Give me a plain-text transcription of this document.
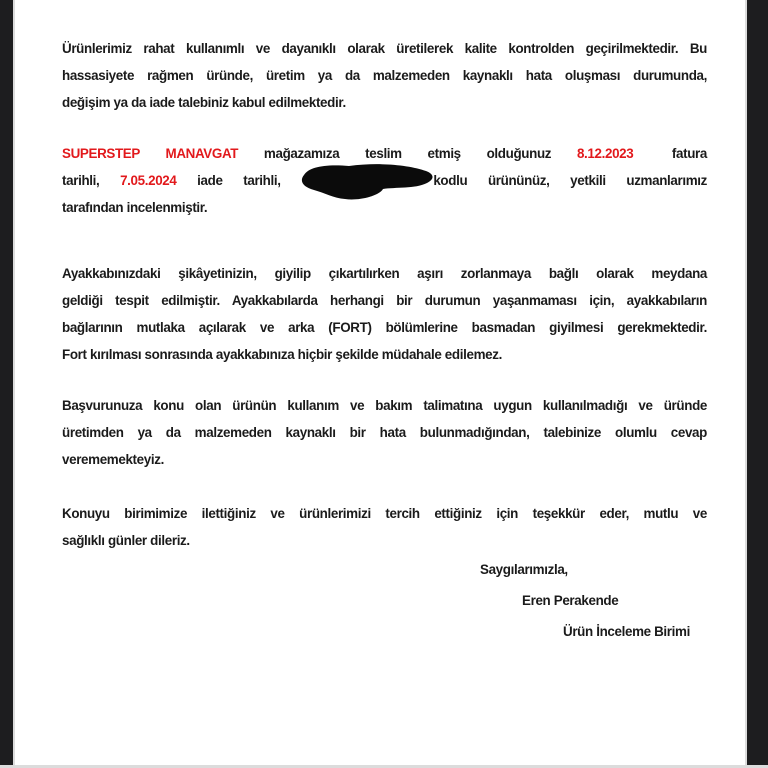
Ürünlerimiz rahat kullanımlı ve dayanıklı olarak üretilerek kalite kontrolden geçirilmektedir. Bu
hassasiyete rağmen üründe, üretim ya da malzemeden kaynaklı hata oluşması durumunda,
değişim ya da iade talebiniz kabul edilmektedir.
SUPERSTEP MANAVGAT mağazamıza teslim etmiş olduğunuz 8.12.2023   fatura
tarihli, 7.05.2024 iade tarihli,	kodlu ürününüz, yetkili uzmanlarımız
tarafından incelenmiştir.
Ayakkabınızdaki şikâyetinizin, giyilip çıkartılırken aşırı zorlanmaya bağlı olarak meydana
geldiği tespit edilmiştir. Ayakkabılarda herhangi bir durumun yaşanmaması için, ayakkabıların
bağlarının mutlaka açılarak ve arka (FORT) bölümlerine basmadan giyilmesi gerekmektedir.
Fort kırılması sonrasında ayakkabınıza hiçbir şekilde müdahale edilemez.
Başvurunuza konu olan ürünün kullanım ve bakım talimatına uygun kullanılmadığı ve üründe
üretimden ya da malzemeden kaynaklı bir hata bulunmadığından, talebinize olumlu cevap
verememekteyiz.
Konuyu birimimize ilettiğiniz ve ürünlerimizi tercih ettiğiniz için teşekkür eder, mutlu ve
sağlıklı günler dileriz.
Saygılarımızla,
Eren Perakende
Ürün İnceleme Birimi
